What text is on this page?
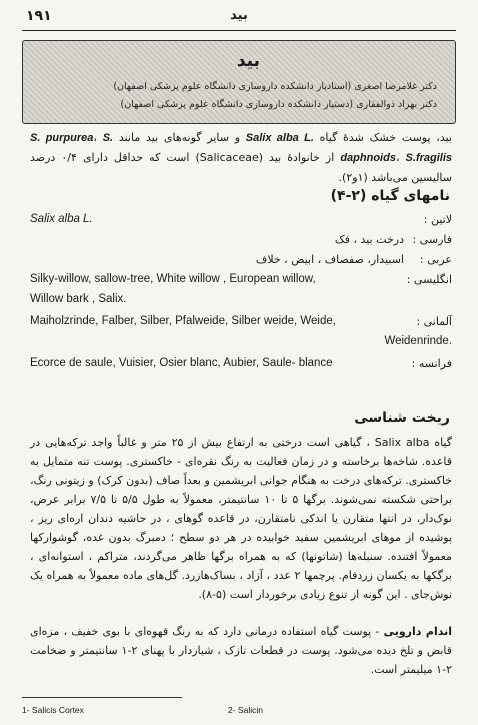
۱۹۱	بید
بید
دکتر غلامرضا اصغری (استادیار دانشکده داروسازی دانشگاه علوم پزشکی اصفهان)
دکتر بهزاد ذوالفقاری (دستیار دانشکده داروسازی دانشگاه علوم پزشکی اصفهان)
بید، پوست خشک شدهٔ گیاه Salix alba L. و سایر گونه‌های بید مانند S. purpurea، S. daphnoids، S.fragilis از خانوادهٔ بید (Salicaceae) است که حداقل دارای ۰/۴ درصد سالیسین می‌باشد (۱و۲).
نامهای گیاه (۲-۴)
لاتین :
Salix alba L.
فارسی :
درخت بید ، فک
عربی :
اسبیدار، صفصاف ، ابیض ، خلاف
انگلیسی :
Silky-willow, sallow-tree, White willow , European willow,
Willow bark , Salix.
آلمانی :
Maiholzrinde, Falber, Silber, Pfalweide, Silber weide, Weide,
Weidenrinde.
فرانسه :
Ecorce de saule, Vuisier, Osier blanc, Aubier, Saule- blance
ریخت شناسی
گیاه Salix alba ، گیاهی است درختی به ارتفاع بیش از ۲۵ متر و غالباً واجد ترکه‌هایی در قاعده. شاخه‌ها برخاسته و در زمان فعالیت به رنگ نقره‌ای - خاکستری. پوست تنه متمایل به خاکستری. ترکه‌های درخت به هنگام جوانی ابریشمین و بعداً صاف (بدون کرک) و زیتونی رنگ، براحتی شکسته نمی‌شوند. برگها ۵ تا ۱۰ سانتیمتر، معمولاً به طول ۵/۵ تا ۷/۵ برابر عرض، نوک‌دار، در انتها متقارن یا اندکی نامتقارن، در قاعده گوهای ، در حاشیه دندان اره‌ای ریز ، پوشیده از موهای ابریشمین سفید خوابیده در هر دو سطح ؛ دمبرگ بدون غده، گوشوارکها معمولاً افتنده. سنبله‌ها (شاتونها) که به همراه برگها ظاهر می‌گردند، متراکم ، استوانه‌ای ، برگکها به یکسان زردفام. پرچمها ۲ عدد ، آزاد ، بساک‌هازرد. گل‌های ماده معمولاً به همراه یک نوش‌جای . این گونه از تنوع زیادی برخوردار است (۵-۸).
اندام دارویی - پوست گیاه استفاده درمانی دارد که به رنگ قهوه‌ای با بوی خفیف ، مزه‌ای قابض و تلخ دیده می‌شود. پوست در قطعات نازک ، شیاردار با پهنای ۲-۱ سانتیمتر و ضخامت ۲-۱ میلیمتر است.
1- Salicis Cortex	2- Salicin
